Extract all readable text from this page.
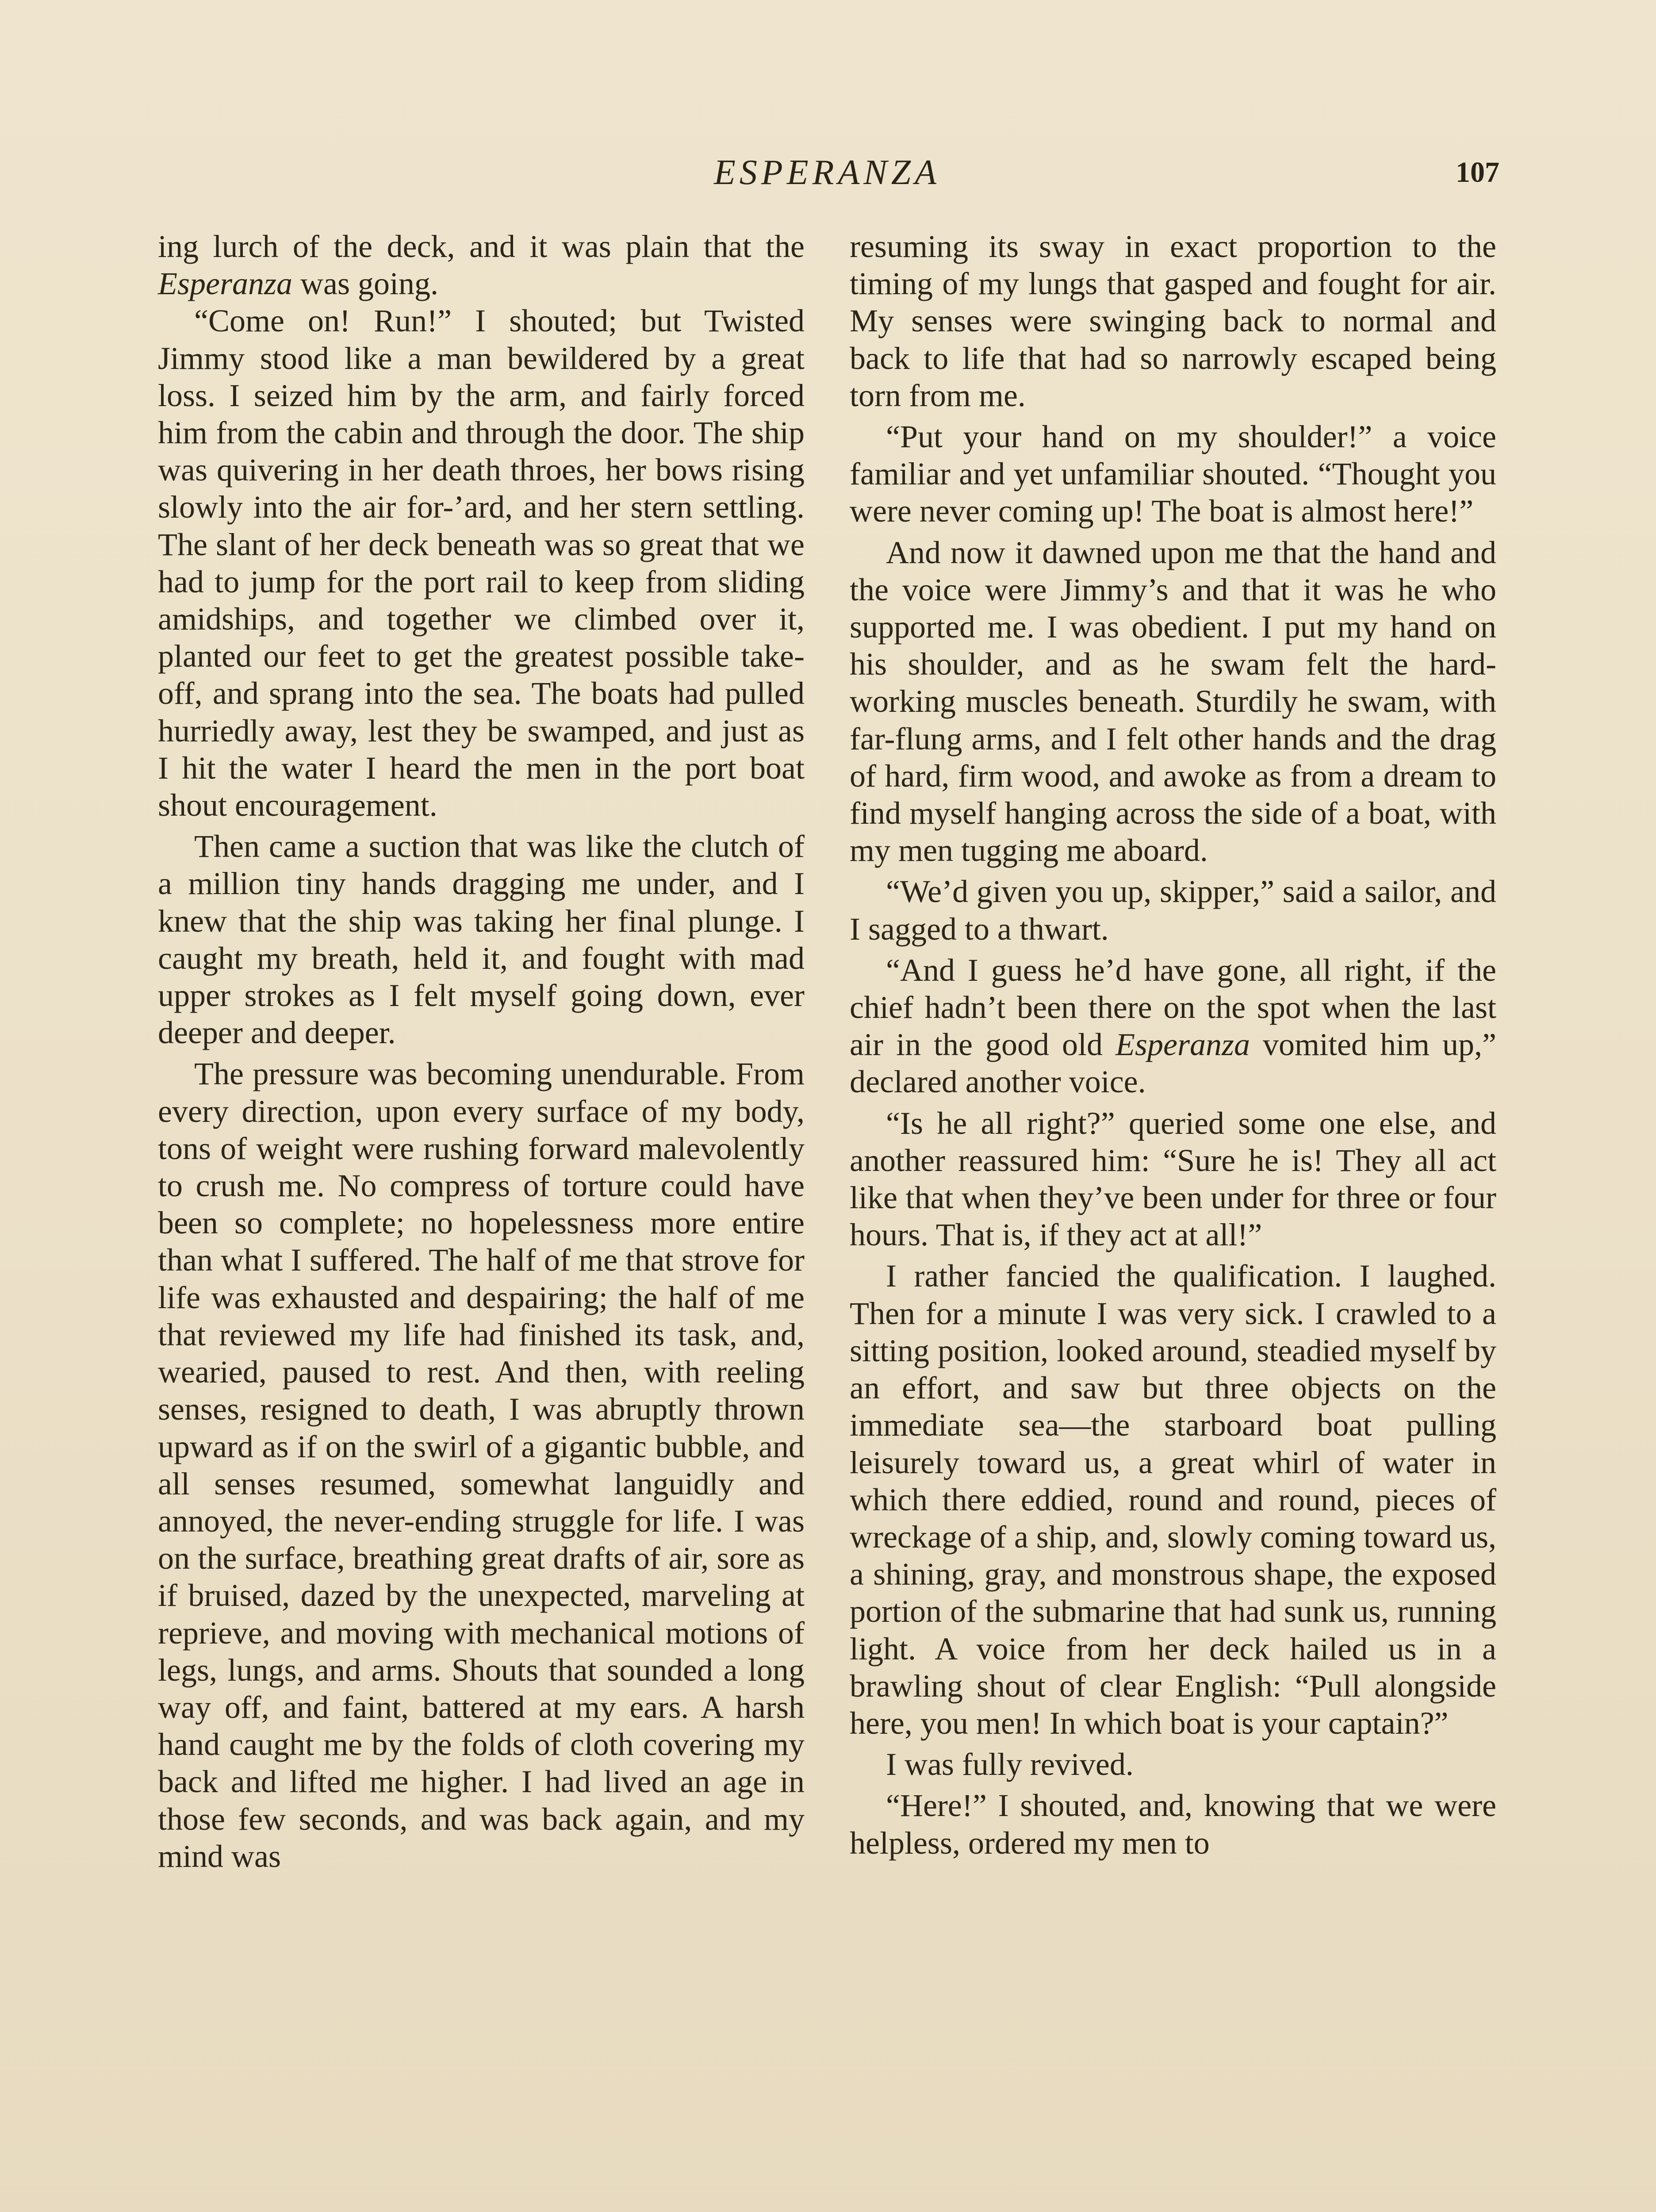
ESPERANZA	107

ing lurch of the deck, and it was plain that the Esperanza was going.

“Come on! Run!” I shouted; but Twisted Jimmy stood like a man bewildered by a great loss. I seized him by the arm, and fairly forced him from the cabin and through the door. The ship was quivering in her death throes, her bows rising slowly into the air for-’ard, and her stern settling. The slant of her deck beneath was so great that we had to jump for the port rail to keep from sliding amidships, and together we climbed over it, planted our feet to get the greatest possible take-off, and sprang into the sea. The boats had pulled hurriedly away, lest they be swamped, and just as I hit the water I heard the men in the port boat shout encouragement.

Then came a suction that was like the clutch of a million tiny hands dragging me under, and I knew that the ship was taking her final plunge. I caught my breath, held it, and fought with mad upper strokes as I felt myself going down, ever deeper and deeper.

The pressure was becoming unendurable. From every direction, upon every surface of my body, tons of weight were rushing forward malevolently to crush me. No compress of torture could have been so complete; no hopelessness more entire than what I suffered. The half of me that strove for life was exhausted and despairing; the half of me that reviewed my life had finished its task, and, wearied, paused to rest. And then, with reeling senses, resigned to death, I was abruptly thrown upward as if on the swirl of a gigantic bubble, and all senses resumed, somewhat languidly and annoyed, the never-ending struggle for life. I was on the surface, breathing great drafts of air, sore as if bruised, dazed by the unexpected, marveling at reprieve, and moving with mechanical motions of legs, lungs, and arms. Shouts that sounded a long way off, and faint, battered at my ears. A harsh hand caught me by the folds of cloth covering my back and lifted me higher. I had lived an age in those few seconds, and was back again, and my mind was

resuming its sway in exact proportion to the timing of my lungs that gasped and fought for air. My senses were swinging back to normal and back to life that had so narrowly escaped being torn from me.

“Put your hand on my shoulder!” a voice familiar and yet unfamiliar shouted. “Thought you were never coming up! The boat is almost here!”

And now it dawned upon me that the hand and the voice were Jimmy’s and that it was he who supported me. I was obedient. I put my hand on his shoulder, and as he swam felt the hard-working muscles beneath. Sturdily he swam, with far-flung arms, and I felt other hands and the drag of hard, firm wood, and awoke as from a dream to find myself hanging across the side of a boat, with my men tugging me aboard.

“We’d given you up, skipper,” said a sailor, and I sagged to a thwart.

“And I guess he’d have gone, all right, if the chief hadn’t been there on the spot when the last air in the good old Esperanza vomited him up,” declared another voice.

“Is he all right?” queried some one else, and another reassured him: “Sure he is! They all act like that when they’ve been under for three or four hours. That is, if they act at all!”

I rather fancied the qualification. I laughed. Then for a minute I was very sick. I crawled to a sitting position, looked around, steadied myself by an effort, and saw but three objects on the immediate sea—the starboard boat pulling leisurely toward us, a great whirl of water in which there eddied, round and round, pieces of wreckage of a ship, and, slowly coming toward us, a shining, gray, and monstrous shape, the exposed portion of the submarine that had sunk us, running light. A voice from her deck hailed us in a brawling shout of clear English: “Pull alongside here, you men! In which boat is your captain?”

I was fully revived.

“Here!” I shouted, and, knowing that we were helpless, ordered my men to
